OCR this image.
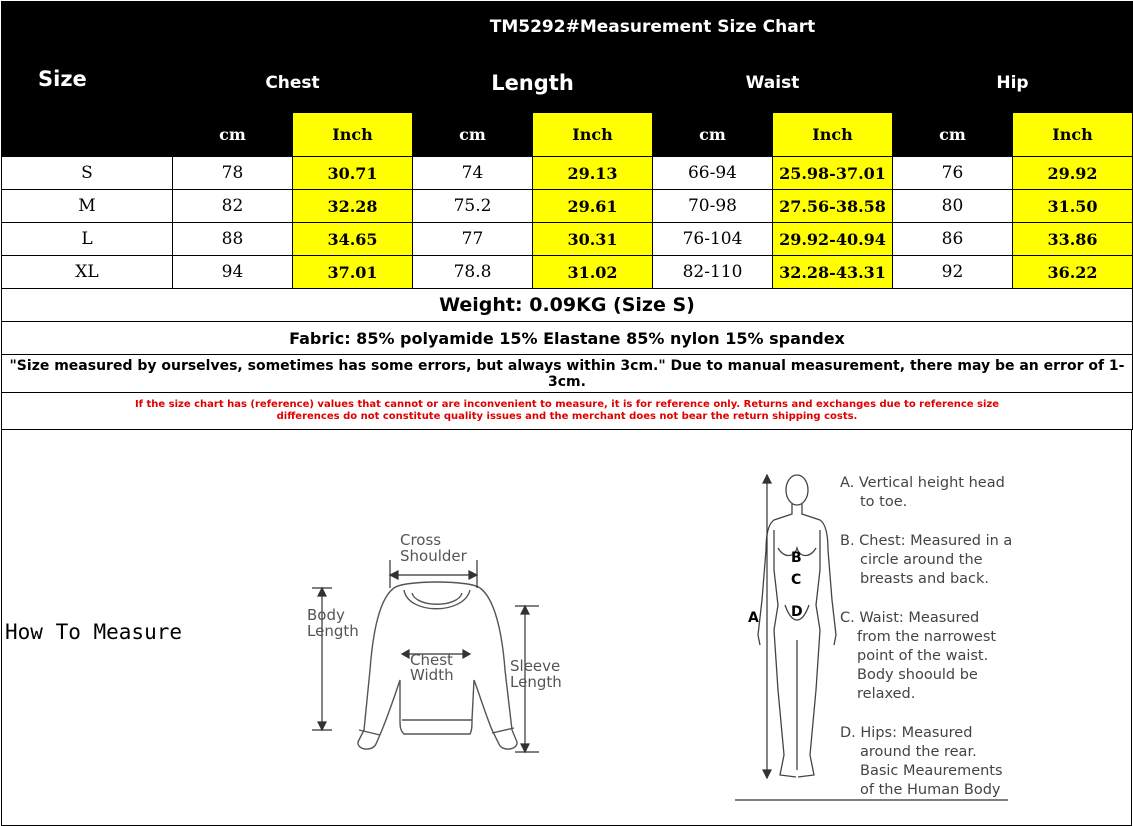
Size	TM5292#Measurement Size Chart							
	Chest		Length		Waist		Hip	
	cm	Inch	cm	Inch	cm	Inch	cm	Inch
S	78	30.71	74	29.13	66-94	25.98-37.01	76	29.92
M	82	32.28	75.2	29.61	70-98	27.56-38.58	80	31.50
L	88	34.65	77	30.31	76-104	29.92-40.94	86	33.86
XL	94	37.01	78.8	31.02	82-110	32.28-43.31	92	36.22
Weight: 0.09KG (Size S)								
Fabric: 85% polyamide 15% Elastane 85% nylon 15% spandex								
"Size measured by ourselves, sometimes has some errors, but always within 3cm." Due to manual measurement, there may be an error of 1-3cm.								
If the size chart has (reference) values that cannot or are inconvenient to measure, it is for reference only. Returns and exchanges due to reference size differences do not constitute quality issues and the merchant does not bear the return shipping costs.								
How To Measure
Cross Shoulder
Body Length
Chest Width	Sleeve Length
B
C
D
A
A. Vertical height head to toe.
B. Chest: Measured in a circle around the breasts and back.
C. Waist: Measured from the narrowest point of the waist. Body shoould be relaxed.
D. Hips: Measured around the rear. Basic Meaurements of the Human Body
